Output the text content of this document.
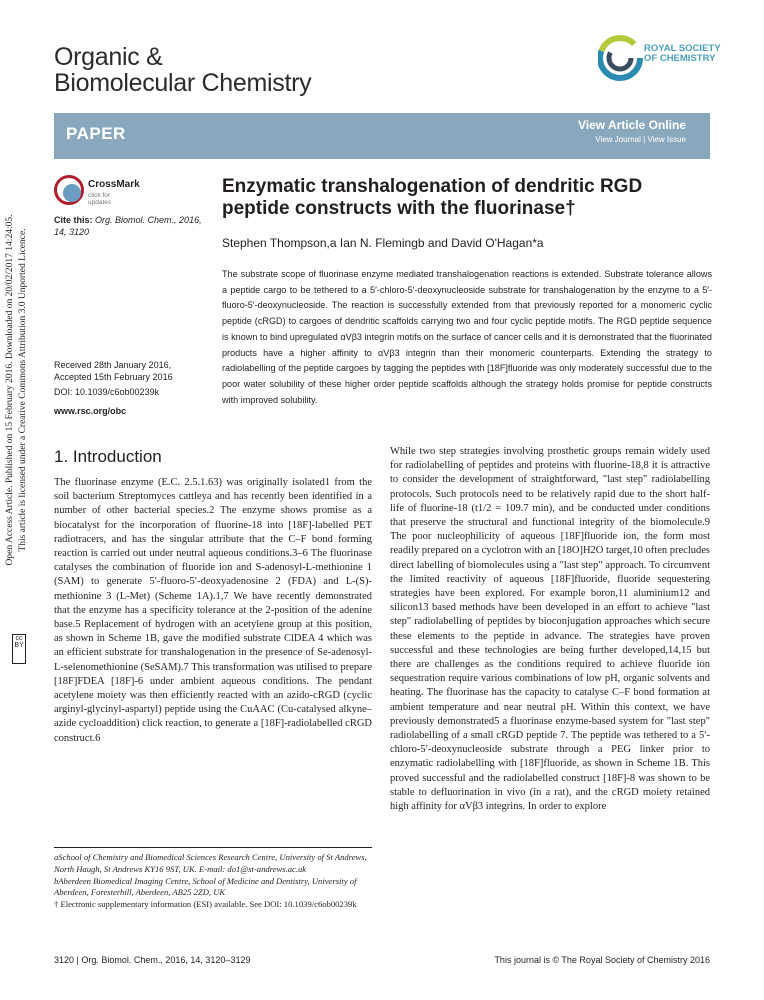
Organic &
Biomolecular Chemistry
ROYAL SOCIETY
OF CHEMISTRY
PAPER	View Article Online
View Journal | View Issue
Open Access Article. Published on 15 February 2016. Downloaded on 20/02/2017 14:24:05. This article is licensed under a Creative Commons Attribution 3.0 Unported Licence.
cc BY
CrossMark
click for updates
Cite this: Org. Biomol. Chem., 2016, 14, 3120
Received 28th January 2016,
Accepted 15th February 2016
DOI: 10.1039/c6ob00239k
www.rsc.org/obc
Enzymatic transhalogenation of dendritic RGD peptide constructs with the fluorinase†
Stephen Thompson,a Ian N. Flemingb and David O'Hagan*a
The substrate scope of fluorinase enzyme mediated transhalogenation reactions is extended. Substrate tolerance allows a peptide cargo to be tethered to a 5′-chloro-5′-deoxynucleoside substrate for transhalogenation by the enzyme to a 5′-fluoro-5′-deoxynucleoside. The reaction is successfully extended from that previously reported for a monomeric cyclic peptide (cRGD) to cargoes of dendritic scaffolds carrying two and four cyclic peptide motifs. The RGD peptide sequence is known to bind upregulated αVβ3 integrin motifs on the surface of cancer cells and it is demonstrated that the fluorinated products have a higher affinity to αVβ3 integrin than their monomeric counterparts. Extending the strategy to radiolabelling of the peptide cargoes by tagging the peptides with [18F]fluoride was only moderately successful due to the poor water solubility of these higher order peptide scaffolds although the strategy holds promise for peptide constructs with improved solubility.
1. Introduction

The fluorinase enzyme (E.C. 2.5.1.63) was originally isolated1 from the soil bacterium Streptomyces cattleya and has recently been identified in a number of other bacterial species.2 The enzyme shows promise as a biocatalyst for the incorporation of fluorine-18 into [18F]-labelled PET radiotracers, and has the singular attribute that the C–F bond forming reaction is carried out under neutral aqueous conditions.3–6 The fluorinase catalyses the combination of fluoride ion and S-adenosyl-L-methionine 1 (SAM) to generate 5′-fluoro-5′-deoxyadenosine 2 (FDA) and L-(S)-methionine 3 (L-Met) (Scheme 1A).1,7 We have recently demonstrated that the enzyme has a specificity tolerance at the 2-position of the adenine base.5 Replacement of hydrogen with an acetylene group at this position, as shown in Scheme 1B, gave the modified substrate ClDEA 4 which was an efficient substrate for transhalogenation in the presence of Se-adenosyl-L-selenomethionine (SeSAM).7 This transformation was utilised to prepare [18F]FDEA [18F]-6 under ambient aqueous conditions. The pendant acetylene moiety was then efficiently reacted with an azido-cRGD (cyclic arginyl-glycinyl-aspartyl) peptide using the CuAAC (Cu-catalysed alkyne–azide cycloaddition) click reaction, to generate a [18F]-radiolabelled cRGD construct.6

While two step strategies involving prosthetic groups remain widely used for radiolabelling of peptides and proteins with fluorine-18,8 it is attractive to consider the development of straightforward, "last step" radiolabelling protocols. Such protocols need to be relatively rapid due to the short half-life of fluorine-18 (t1/2 = 109.7 min), and be conducted under conditions that preserve the structural and functional integrity of the biomolecule.9 The poor nucleophilicity of aqueous [18F]fluoride ion, the form most readily prepared on a cyclotron with an [18O]H2O target,10 often precludes direct labelling of biomolecules using a "last step" approach. To circumvent the limited reactivity of aqueous [18F]fluoride, fluoride sequestering strategies have been explored. For example boron,11 aluminium12 and silicon13 based methods have been developed in an effort to achieve "last step" radiolabelling of peptides by bioconjugation approaches which secure these elements to the peptide in advance. The strategies have proven successful and these technologies are being further developed,14,15 but there are challenges as the conditions required to achieve fluoride ion sequestration require various combinations of low pH, organic solvents and heating. The fluorinase has the capacity to catalyse C–F bond formation at ambient temperature and near neutral pH. Within this context, we have previously demonstrated5 a fluorinase enzyme-based system for "last step" radiolabelling of a small cRGD peptide 7. The peptide was tethered to a 5′-chloro-5′-deoxynucleoside substrate through a PEG linker prior to enzymatic radiolabelling with [18F]fluoride, as shown in Scheme 1B. This proved successful and the radiolabelled construct [18F]-8 was shown to be stable to defluorination in vivo (in a rat), and the cRGD moiety retained high affinity for αVβ3 integrins. In order to explore

aSchool of Chemistry and Biomedical Sciences Research Centre, University of St Andrews, North Haugh, St Andrews KY16 9ST, UK. E-mail: do1@st-andrews.ac.uk

bAberdeen Biomedical Imaging Centre, School of Medicine and Dentistry, University of Aberdeen, Foresterhill, Aberdeen, AB25 2ZD, UK

† Electronic supplementary information (ESI) available. See DOI: 10.1039/c6ob00239k

3120 | Org. Biomol. Chem., 2016, 14, 3120–3129	This journal is © The Royal Society of Chemistry 2016
